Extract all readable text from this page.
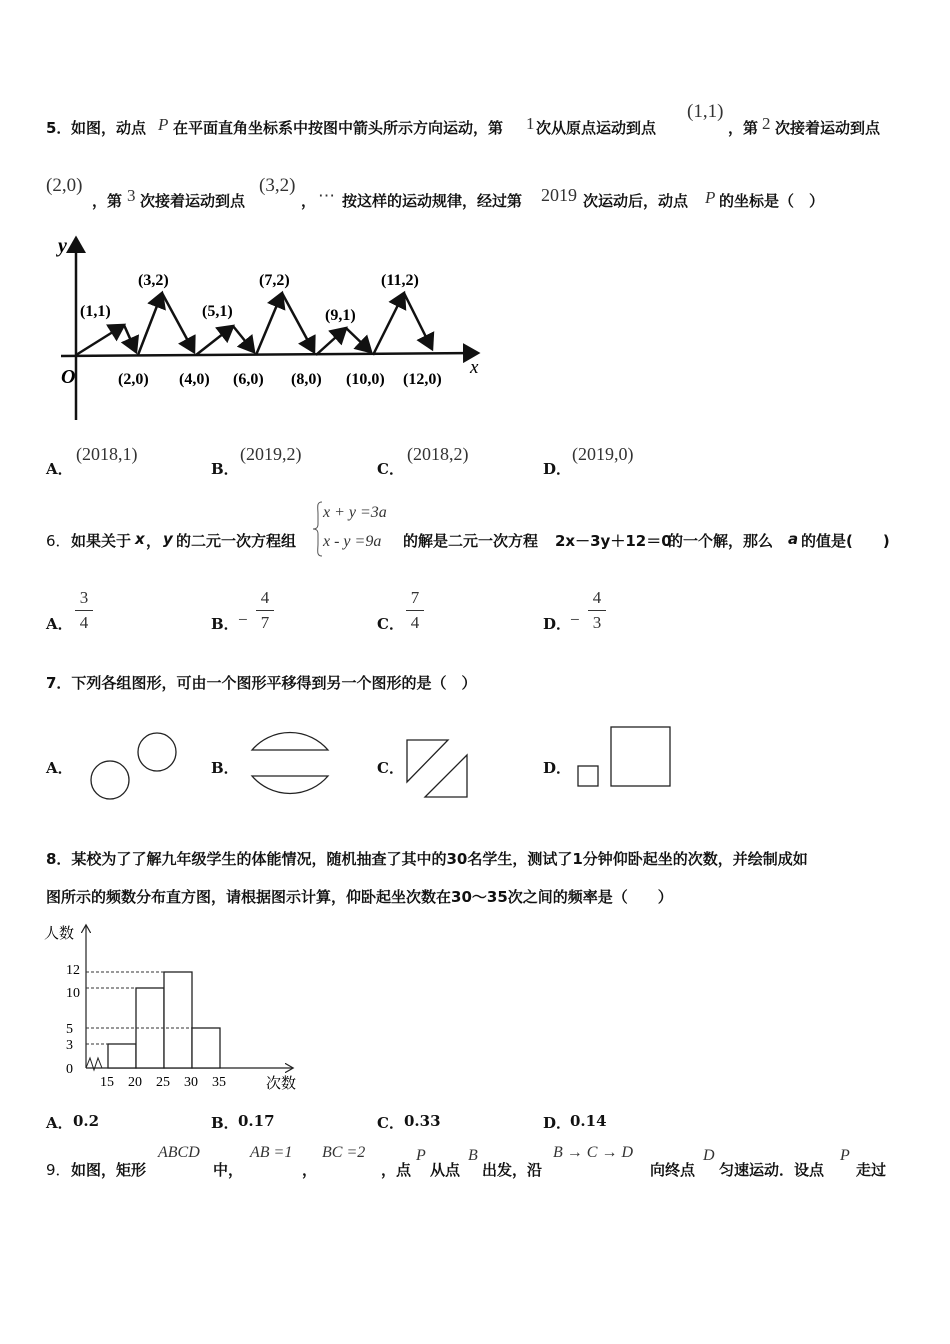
5． 如图，动点 P 在平面直角坐标系中按图中箭头所示方向运动，第 1 次从原点运动到点
(1,1)
，第 2 次接着运动到点
(2,0)
，第 3 次接着运动到点
(3,2)
， ⋯ 按这样的运动规律，经过第 2019 次运动后，动点 P 的坐标是（　）
y
x
O
(1,1)
(3,2)
(5,1)
(7,2)
(9,1)
(11,2)
(2,0) (4,0) (6,0) (8,0) (10,0) (12,0)
A．
(2018,1)
B．
(2019,2)
C．
(2018,2)
D．
(2019,0)
6． 如果关于 x ， y 的二元一次方程组
x + y =3a
x - y =9a 的解是二元一次方程 2x－3y＋12＝0
的一个解，那么 a 的值是(　　)
A．
3
4	B． −
4
7	C．
7
4	D．
−
4
3
7．下列各组图形，可由一个图形平移得到另一个图形的是（　）
A．	B．	C．	D．
8．某校为了了解九年级学生的体能情况，随机抽查了其中的30名学生，测试了1分钟仰卧起坐的次数，并绘制成如
图所示的频数分布直方图，请根据图示计算，仰卧起坐次数在30～35次之间的频率是（　　）
人数
次数
0
3
5
10
12
15 20 25 30 35
A． 0.2	B． 0.17	C． 0.33	D．
0.14
9． 如图，矩形
ABCD
中，
AB =1
，
BC =2
，点
P
从点
B
出发，沿
B → C → D
向终点
D
匀速运动．设点
P
走过
